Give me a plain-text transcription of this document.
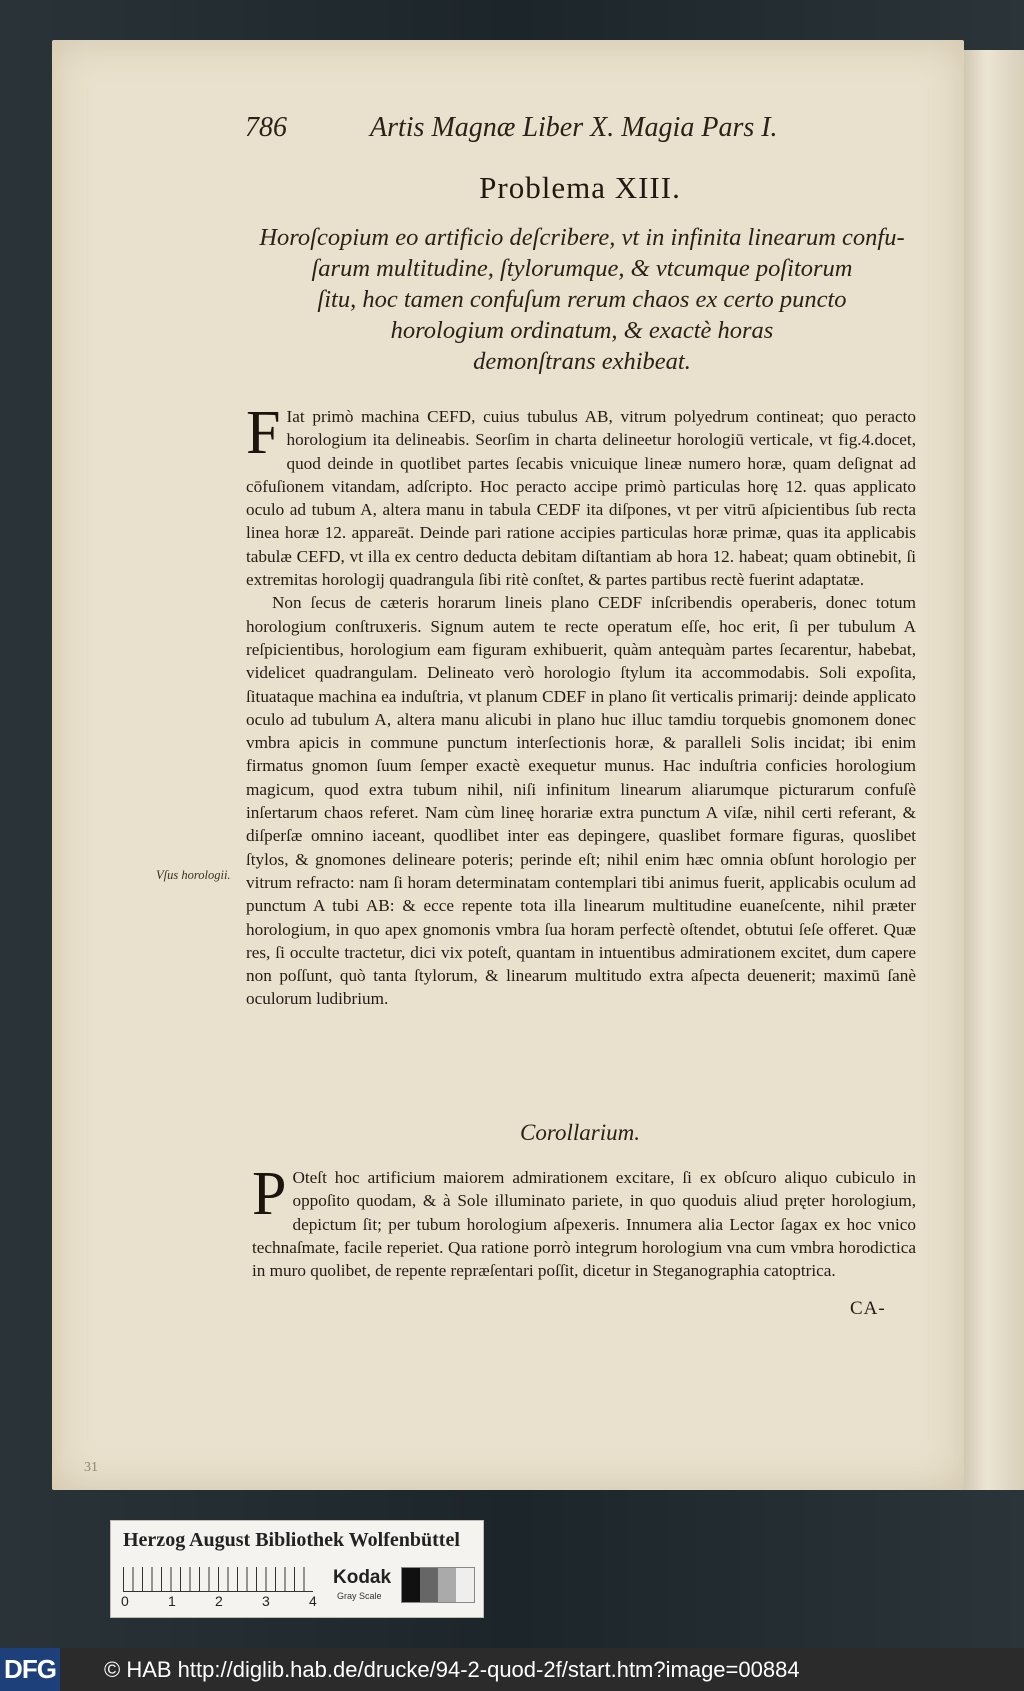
786	Artis Magnæ Liber X. Magia Pars I.
Problema XIII.
Horoſcopium eo artificio deſcribere, vt in infinita linearum confu-
ſarum multitudine, ſtylorumque, & vtcumque poſitorum
ſitu, hoc tamen confuſum rerum chaos ex certo puncto
horologium ordinatum, & exactè horas
demonſtrans exhibeat.

F Iat primò machina CEFD, cuius tubulus AB, vitrum polyedrum contineat; quo peracto horologium ita delineabis. Seorſim in charta delineetur horologiū verticale, vt fig.4.docet, quod deinde in quotlibet partes ſecabis vnicuique lineæ numero horæ, quam deſignat ad cōfuſionem vitandam, adſcripto. Hoc peracto accipe primò particulas horę 12. quas applicato oculo ad tubum A, altera manu in tabula CEDF ita diſpones, vt per vitrū aſpicientibus ſub recta linea horæ 12. appareāt. Deinde pari ratione accipies particulas horæ primæ, quas ita applicabis tabulæ CEFD, vt illa ex centro deducta debitam diſtantiam ab hora 12. habeat; quam obtinebit, ſi extremitas horologij quadrangula ſibi ritè conſtet, & partes partibus rectè fuerint adaptatæ.

Non ſecus de cæteris horarum lineis plano CEDF inſcribendis operaberis, donec totum horologium conſtruxeris. Signum autem te recte operatum eſſe, hoc erit, ſi per tubulum A reſpicientibus, horologium eam figuram exhibuerit, quàm antequàm partes ſecarentur, habebat, videlicet quadrangulam. Delineato verò horologio ſtylum ita accommodabis. Soli expoſita, ſituataque machina ea induſtria, vt planum CDEF in plano ſit verticalis primarij: deinde applicato oculo ad tubulum A, altera manu alicubi in plano huc illuc tamdiu torquebis gnomonem donec vmbra apicis in commune punctum interſectionis horæ, & paralleli Solis incidat; ibi enim firmatus gnomon ſuum ſemper exactè exequetur munus. Hac induſtria conficies horologium magicum, quod extra tubum nihil, niſi infinitum linearum aliarumque picturarum confuſè inſertarum chaos referet. Nam cùm lineę horariæ extra punctum A viſæ, nihil certi referant, & diſperſæ omnino iaceant, quodlibet inter eas depingere, quaslibet formare figuras, quoslibet ſtylos, & gnomones delineare poteris; perinde eſt; nihil enim hæc omnia obſunt horologio per vitrum refracto: nam ſi horam determinatam contemplari tibi animus fuerit, applicabis oculum ad punctum A tubi AB: & ecce repente tota illa linearum multitudine euaneſcente, nihil præter horologium, in quo apex gnomonis vmbra ſua horam perfectè oſtendet, obtutui ſeſe offeret. Quæ res, ſi occulte tractetur, dici vix poteſt, quantam in intuentibus admirationem excitet, dum capere non poſſunt, quò tanta ſtylorum, & linearum multitudo extra aſpecta deuenerit; maximū ſanè oculorum ludibrium.

Vſus horologii.
Corollarium.

P Oteſt hoc artificium maiorem admirationem excitare, ſi ex obſcuro aliquo cubiculo in oppoſito quodam, & à Sole illuminato pariete, in quo quoduis aliud pręter horologium, depictum ſit; per tubum horologium aſpexeris. Innumera alia Lector ſagax ex hoc vnico technaſmate, facile reperiet. Qua ratione porrò integrum horologium vna cum vmbra horodictica in muro quolibet, de repente repræſentari poſſit, dicetur in Steganographia catoptrica.

CA-
31
Herzog August Bibliothek Wolfenbüttel
0	1	2	3	4
Kodak
Gray Scale
DFG © HAB http://diglib.hab.de/drucke/94-2-quod-2f/start.htm?image=00884
